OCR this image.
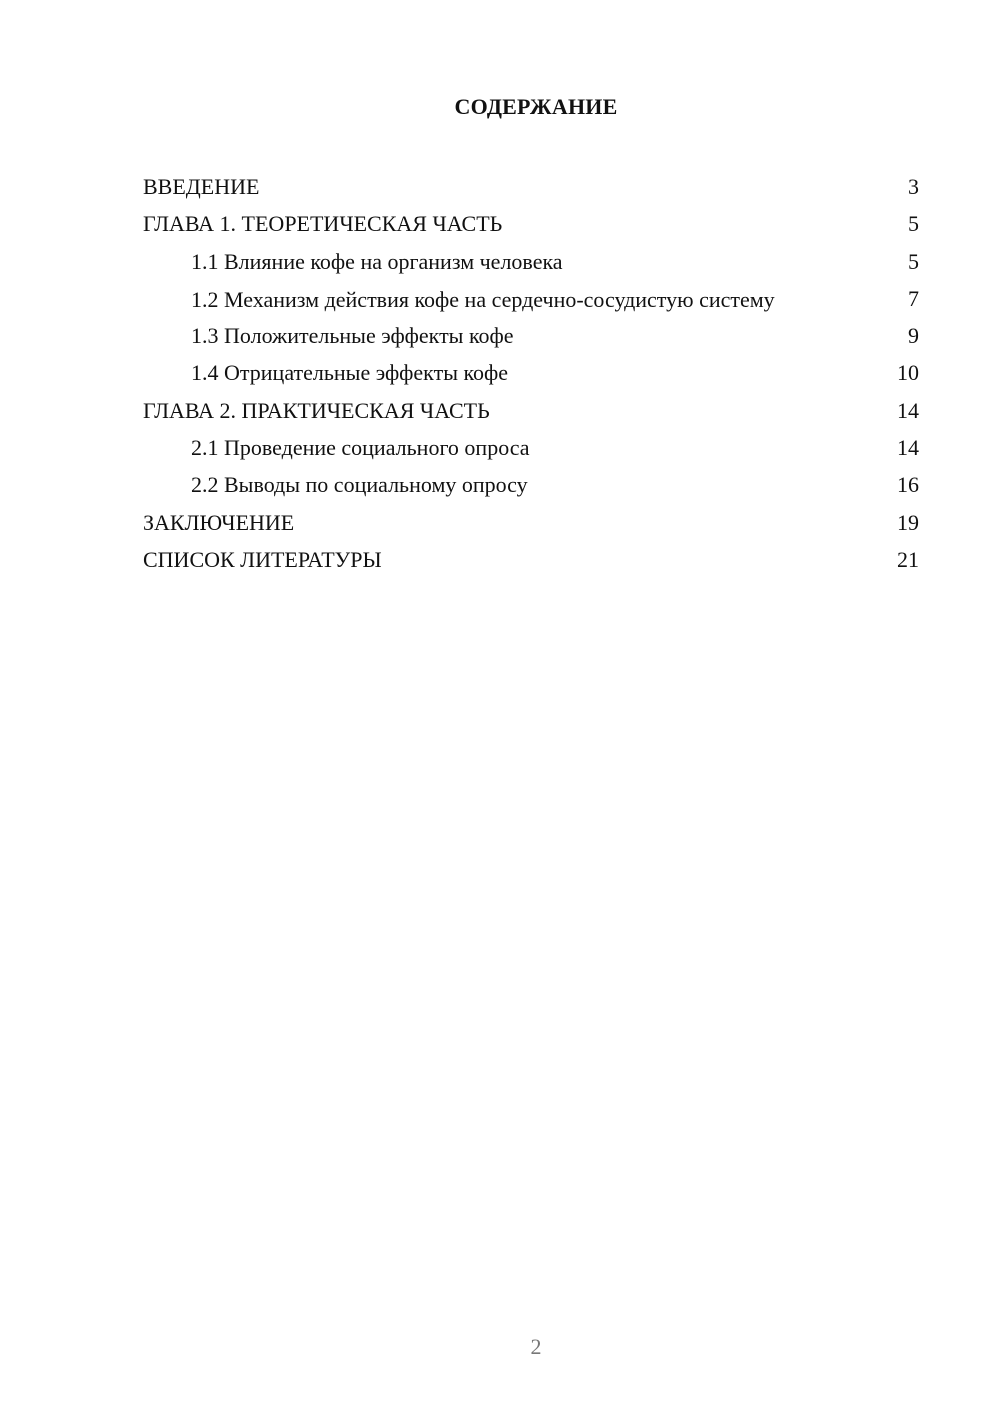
СОДЕРЖАНИЕ
ВВЕДЕНИЕ	3
ГЛАВА 1. ТЕОРЕТИЧЕСКАЯ ЧАСТЬ	5
1.1 Влияние кофе на организм человека	5
1.2 Механизм действия кофе на сердечно-сосудистую систему	7
1.3 Положительные эффекты кофе	9
1.4 Отрицательные эффекты кофе	10
ГЛАВА 2. ПРАКТИЧЕСКАЯ ЧАСТЬ	14
2.1 Проведение социального опроса	14
2.2 Выводы по социальному опросу	16
ЗАКЛЮЧЕНИЕ	19
СПИСОК ЛИТЕРАТУРЫ	21
2
